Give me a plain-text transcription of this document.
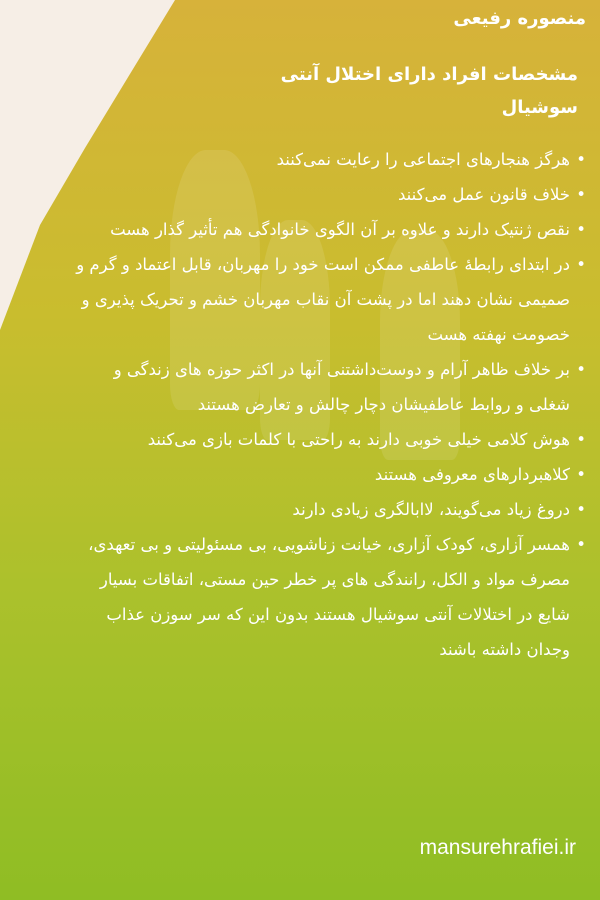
منصوره رفیعی

مشخصات افراد دارای اختلال آنتی سوشیال

• هرگز هنجارهای اجتماعی را رعایت نمی‌کنند
• خلاف قانون عمل می‌کنند
• نقص ژنتیک دارند و علاوه بر آن الگوی خانوادگی هم تأثیر گذار هست
• در ابتدای رابطهٔ عاطفی ممکن است خود را مهربان، قابل اعتماد و گرم و صمیمی نشان دهند اما در پشت آن نقاب مهربان خشم و تحریک پذیری و خصومت نهفته هست
• بر خلاف ظاهر آرام و دوست‌داشتنی آنها در اکثر حوزه های زندگی و شغلی و روابط عاطفیشان دچار چالش و تعارض هستند
• هوش کلامی خیلی خوبی دارند به راحتی با کلمات بازی می‌کنند
• کلاهبردارهای معروفی هستند
• دروغ زیاد می‌گویند، لاابالگری زیادی دارند
• همسر آزاری، کودک آزاری، خیانت زناشویی، بی مسئولیتی و بی تعهدی، مصرف مواد و الکل، رانندگی های پر خطر حین مستی، اتفاقات بسیار شایع در اختلالات آنتی سوشیال هستند بدون این که سر سوزن عذاب وجدان داشته باشند

mansurehrafiei.ir
